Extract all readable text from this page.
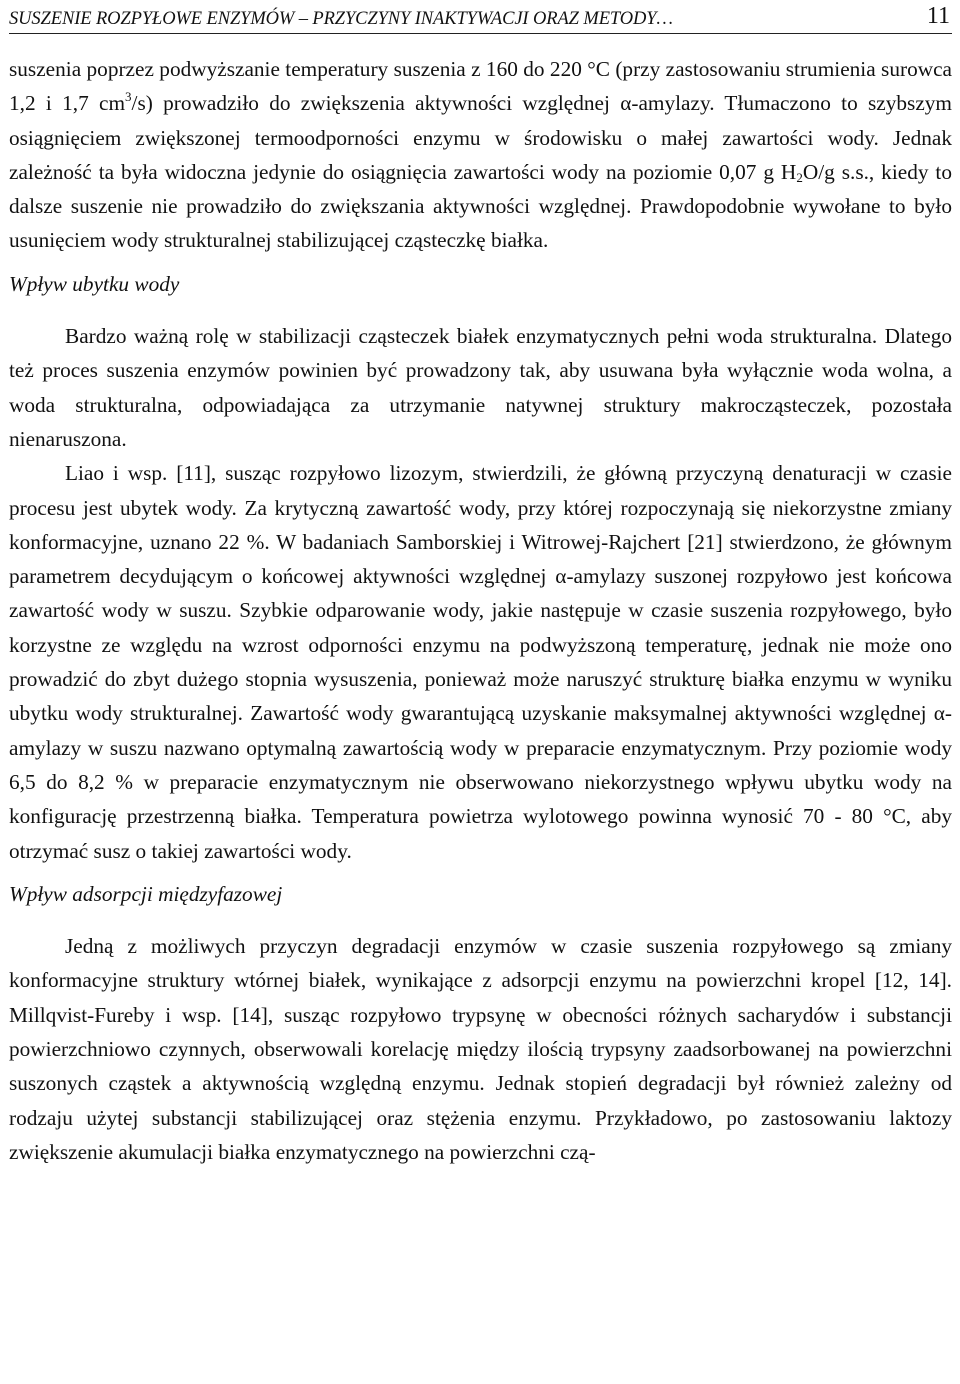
SUSZENIE ROZPYŁOWE ENZYMÓW – PRZYCZYNY INAKTYWACJI ORAZ METODY…	11

suszenia poprzez podwyższanie temperatury suszenia z 160 do 220 °C (przy zastosowaniu strumienia surowca 1,2 i 1,7 $cm^3/s$) prowadziło do zwiększenia aktywności względnej α-amylazy. Tłumaczono to szybszym osiągnięciem zwiększonej termoodporności enzymu w środowisku o małej zawartości wody. Jednak zależność ta była widoczna jedynie do osiągnięcia zawartości wody na poziomie 0,07 g $H_2O/g$ s.s., kiedy to dalsze suszenie nie prowadziło do zwiększania aktywności względnej. Prawdopodobnie wywołane to było usunięciem wody strukturalnej stabilizującej cząsteczkę białka.

Wpływ ubytku wody

Bardzo ważną rolę w stabilizacji cząsteczek białek enzymatycznych pełni woda strukturalna. Dlatego też proces suszenia enzymów powinien być prowadzony tak, aby usuwana była wyłącznie woda wolna, a woda strukturalna, odpowiadająca za utrzymanie natywnej struktury makrocząsteczek, pozostała nienaruszona.

Liao i wsp. [11], susząc rozpyłowo lizozym, stwierdzili, że główną przyczyną denaturacji w czasie procesu jest ubytek wody. Za krytyczną zawartość wody, przy której rozpoczynają się niekorzystne zmiany konformacyjne, uznano 22 %. W badaniach Samborskiej i Witrowej-Rajchert [21] stwierdzono, że głównym parametrem decydującym o końcowej aktywności względnej α-amylazy suszonej rozpyłowo jest końcowa zawartość wody w suszu. Szybkie odparowanie wody, jakie następuje w czasie suszenia rozpyłowego, było korzystne ze względu na wzrost odporności enzymu na podwyższoną temperaturę, jednak nie może ono prowadzić do zbyt dużego stopnia wysuszenia, ponieważ może naruszyć strukturę białka enzymu w wyniku ubytku wody strukturalnej. Zawartość wody gwarantującą uzyskanie maksymalnej aktywności względnej α-amylazy w suszu nazwano optymalną zawartością wody w preparacie enzymatycznym. Przy poziomie wody 6,5 do 8,2 % w preparacie enzymatycznym nie obserwowano niekorzystnego wpływu ubytku wody na konfigurację przestrzenną białka. Temperatura powietrza wylotowego powinna wynosić 70 - 80 °C, aby otrzymać susz o takiej zawartości wody.

Wpływ adsorpcji międzyfazowej

Jedną z możliwych przyczyn degradacji enzymów w czasie suszenia rozpyłowego są zmiany konformacyjne struktury wtórnej białek, wynikające z adsorpcji enzymu na powierzchni kropel [12, 14]. Millqvist-Fureby i wsp. [14], susząc rozpyłowo trypsynę w obecności różnych sacharydów i substancji powierzchniowo czynnych, obserwowali korelację między ilością trypsyny zaadsorbowanej na powierzchni suszonych cząstek a aktywnością względną enzymu. Jednak stopień degradacji był również zależny od rodzaju użytej substancji stabilizującej oraz stężenia enzymu. Przykładowo, po zastosowaniu laktozy zwiększenie akumulacji białka enzymatycznego na powierzchni czą-
